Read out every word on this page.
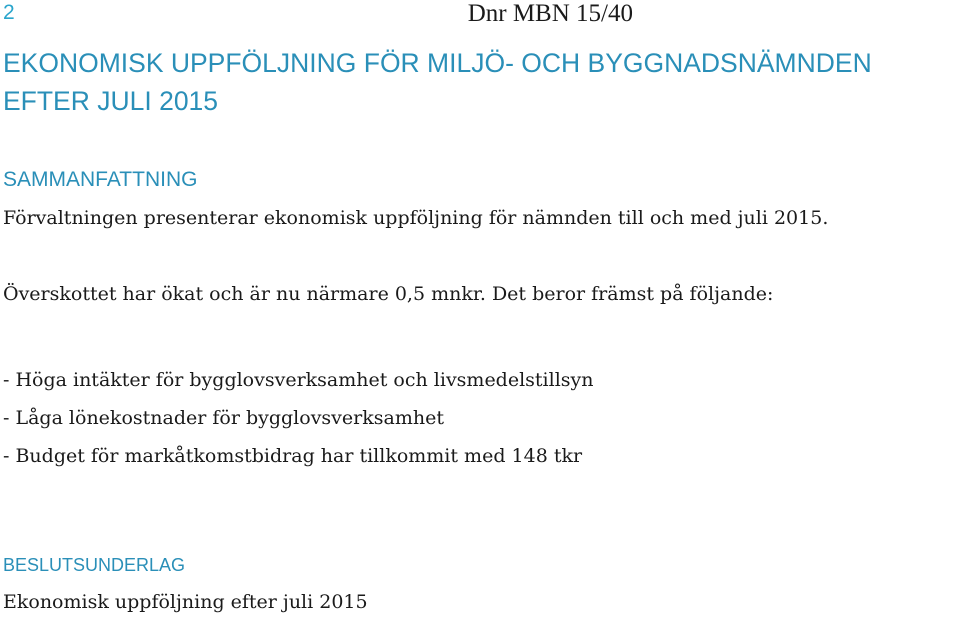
2	Dnr MBN 15/40
EKONOMISK UPPFÖLJNING FÖR MILJÖ- OCH BYGGNADSNÄMNDEN
EFTER JULI 2015
SAMMANFATTNING

Förvaltningen presenterar ekonomisk uppföljning för nämnden till och med juli 2015.

Överskottet har ökat och är nu närmare 0,5 mnkr. Det beror främst på följande:

- Höga intäkter för bygglovsverksamhet och livsmedelstillsyn
- Låga lönekostnader för bygglovsverksamhet
- Budget för markåtkomstbidrag har tillkommit med 148 tkr
BESLUTSUNDERLAG

Ekonomisk uppföljning efter juli 2015
